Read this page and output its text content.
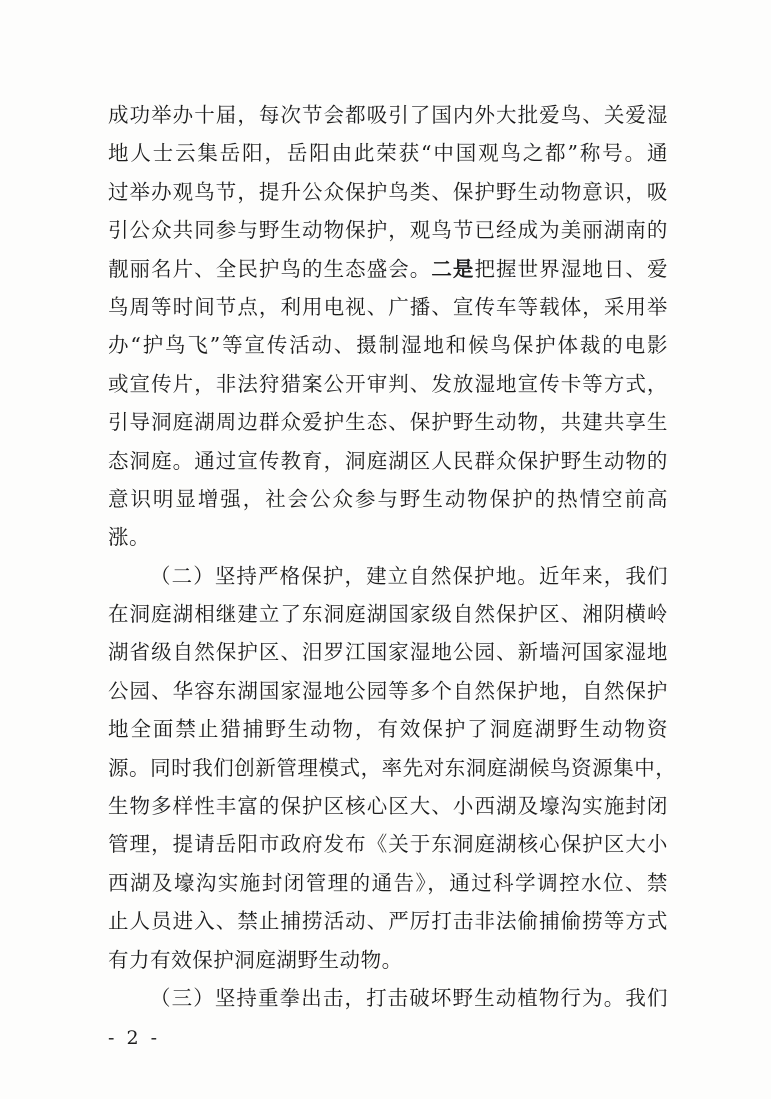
成功举办十届，每次节会都吸引了国内外大批爱鸟、关爱湿
地人士云集岳阳，岳阳由此荣获“中国观鸟之都”称号。通
过举办观鸟节，提升公众保护鸟类、保护野生动物意识，吸
引公众共同参与野生动物保护，观鸟节已经成为美丽湖南的
靓丽名片、全民护鸟的生态盛会。二是把握世界湿地日、爱
鸟周等时间节点，利用电视、广播、宣传车等载体，采用举
办“护鸟飞”等宣传活动、摄制湿地和候鸟保护体裁的电影
或宣传片，非法狩猎案公开审判、发放湿地宣传卡等方式，
引导洞庭湖周边群众爱护生态、保护野生动物，共建共享生
态洞庭。通过宣传教育，洞庭湖区人民群众保护野生动物的
意识明显增强，社会公众参与野生动物保护的热情空前高
涨。
（二）坚持严格保护，建立自然保护地。近年来，我们
在洞庭湖相继建立了东洞庭湖国家级自然保护区、湘阴横岭
湖省级自然保护区、汨罗江国家湿地公园、新墙河国家湿地
公园、华容东湖国家湿地公园等多个自然保护地，自然保护
地全面禁止猎捕野生动物，有效保护了洞庭湖野生动物资
源。同时我们创新管理模式，率先对东洞庭湖候鸟资源集中，
生物多样性丰富的保护区核心区大、小西湖及壕沟实施封闭
管理，提请岳阳市政府发布《关于东洞庭湖核心保护区大小
西湖及壕沟实施封闭管理的通告》，通过科学调控水位、禁
止人员进入、禁止捕捞活动、严厉打击非法偷捕偷捞等方式
有力有效保护洞庭湖野生动物。
（三）坚持重拳出击，打击破坏野生动植物行为。我们
- 2 -
